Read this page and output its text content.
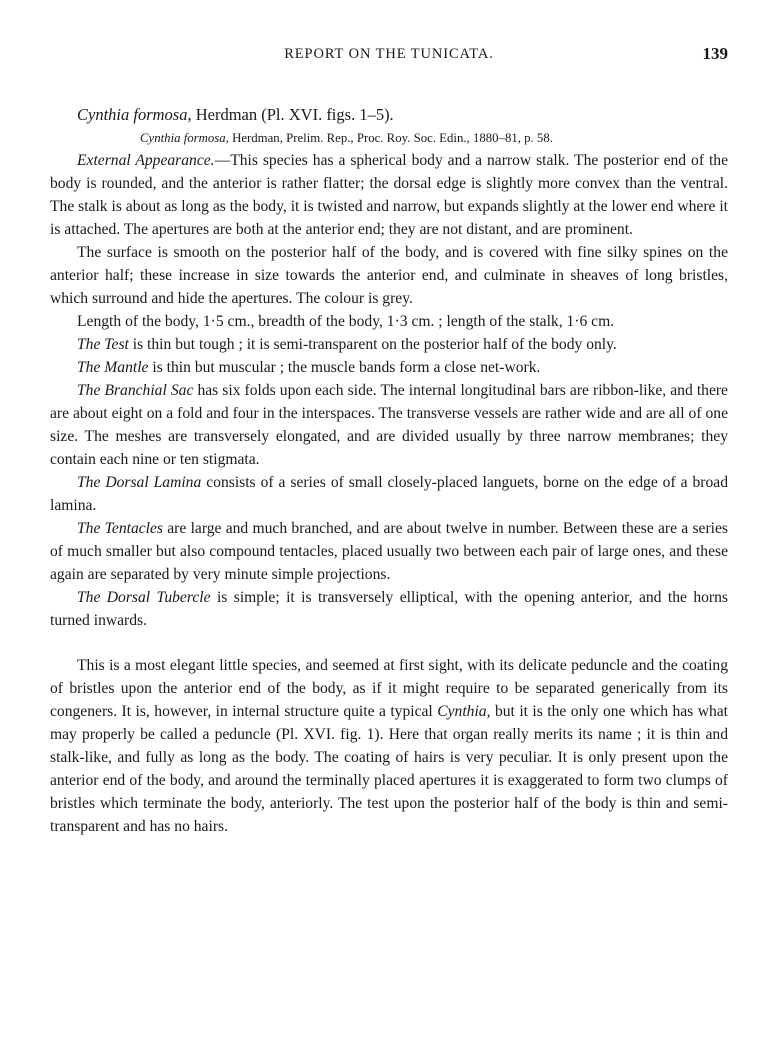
REPORT ON THE TUNICATA.	139

Cynthia formosa, Herdman (Pl. XVI. figs. 1–5).

Cynthia formosa, Herdman, Prelim. Rep., Proc. Roy. Soc. Edin., 1880–81, p. 58.

External Appearance.—This species has a spherical body and a narrow stalk. The posterior end of the body is rounded, and the anterior is rather flatter; the dorsal edge is slightly more convex than the ventral. The stalk is about as long as the body, it is twisted and narrow, but expands slightly at the lower end where it is attached. The apertures are both at the anterior end; they are not distant, and are prominent.

The surface is smooth on the posterior half of the body, and is covered with fine silky spines on the anterior half; these increase in size towards the anterior end, and culminate in sheaves of long bristles, which surround and hide the apertures. The colour is grey.

Length of the body, 1·5 cm., breadth of the body, 1·3 cm. ; length of the stalk, 1·6 cm.

The Test is thin but tough ; it is semi-transparent on the posterior half of the body only.

The Mantle is thin but muscular ; the muscle bands form a close net-work.

The Branchial Sac has six folds upon each side. The internal longitudinal bars are ribbon-like, and there are about eight on a fold and four in the interspaces. The transverse vessels are rather wide and are all of one size. The meshes are transversely elongated, and are divided usually by three narrow membranes; they contain each nine or ten stigmata.

The Dorsal Lamina consists of a series of small closely-placed languets, borne on the edge of a broad lamina.

The Tentacles are large and much branched, and are about twelve in number. Between these are a series of much smaller but also compound tentacles, placed usually two between each pair of large ones, and these again are separated by very minute simple projections.

The Dorsal Tubercle is simple; it is transversely elliptical, with the opening anterior, and the horns turned inwards.

This is a most elegant little species, and seemed at first sight, with its delicate peduncle and the coating of bristles upon the anterior end of the body, as if it might require to be separated generically from its congeners. It is, however, in internal structure quite a typical Cynthia, but it is the only one which has what may properly be called a peduncle (Pl. XVI. fig. 1). Here that organ really merits its name ; it is thin and stalk-like, and fully as long as the body. The coating of hairs is very peculiar. It is only present upon the anterior end of the body, and around the terminally placed apertures it is exaggerated to form two clumps of bristles which terminate the body, anteriorly. The test upon the posterior half of the body is thin and semi-transparent and has no hairs.
